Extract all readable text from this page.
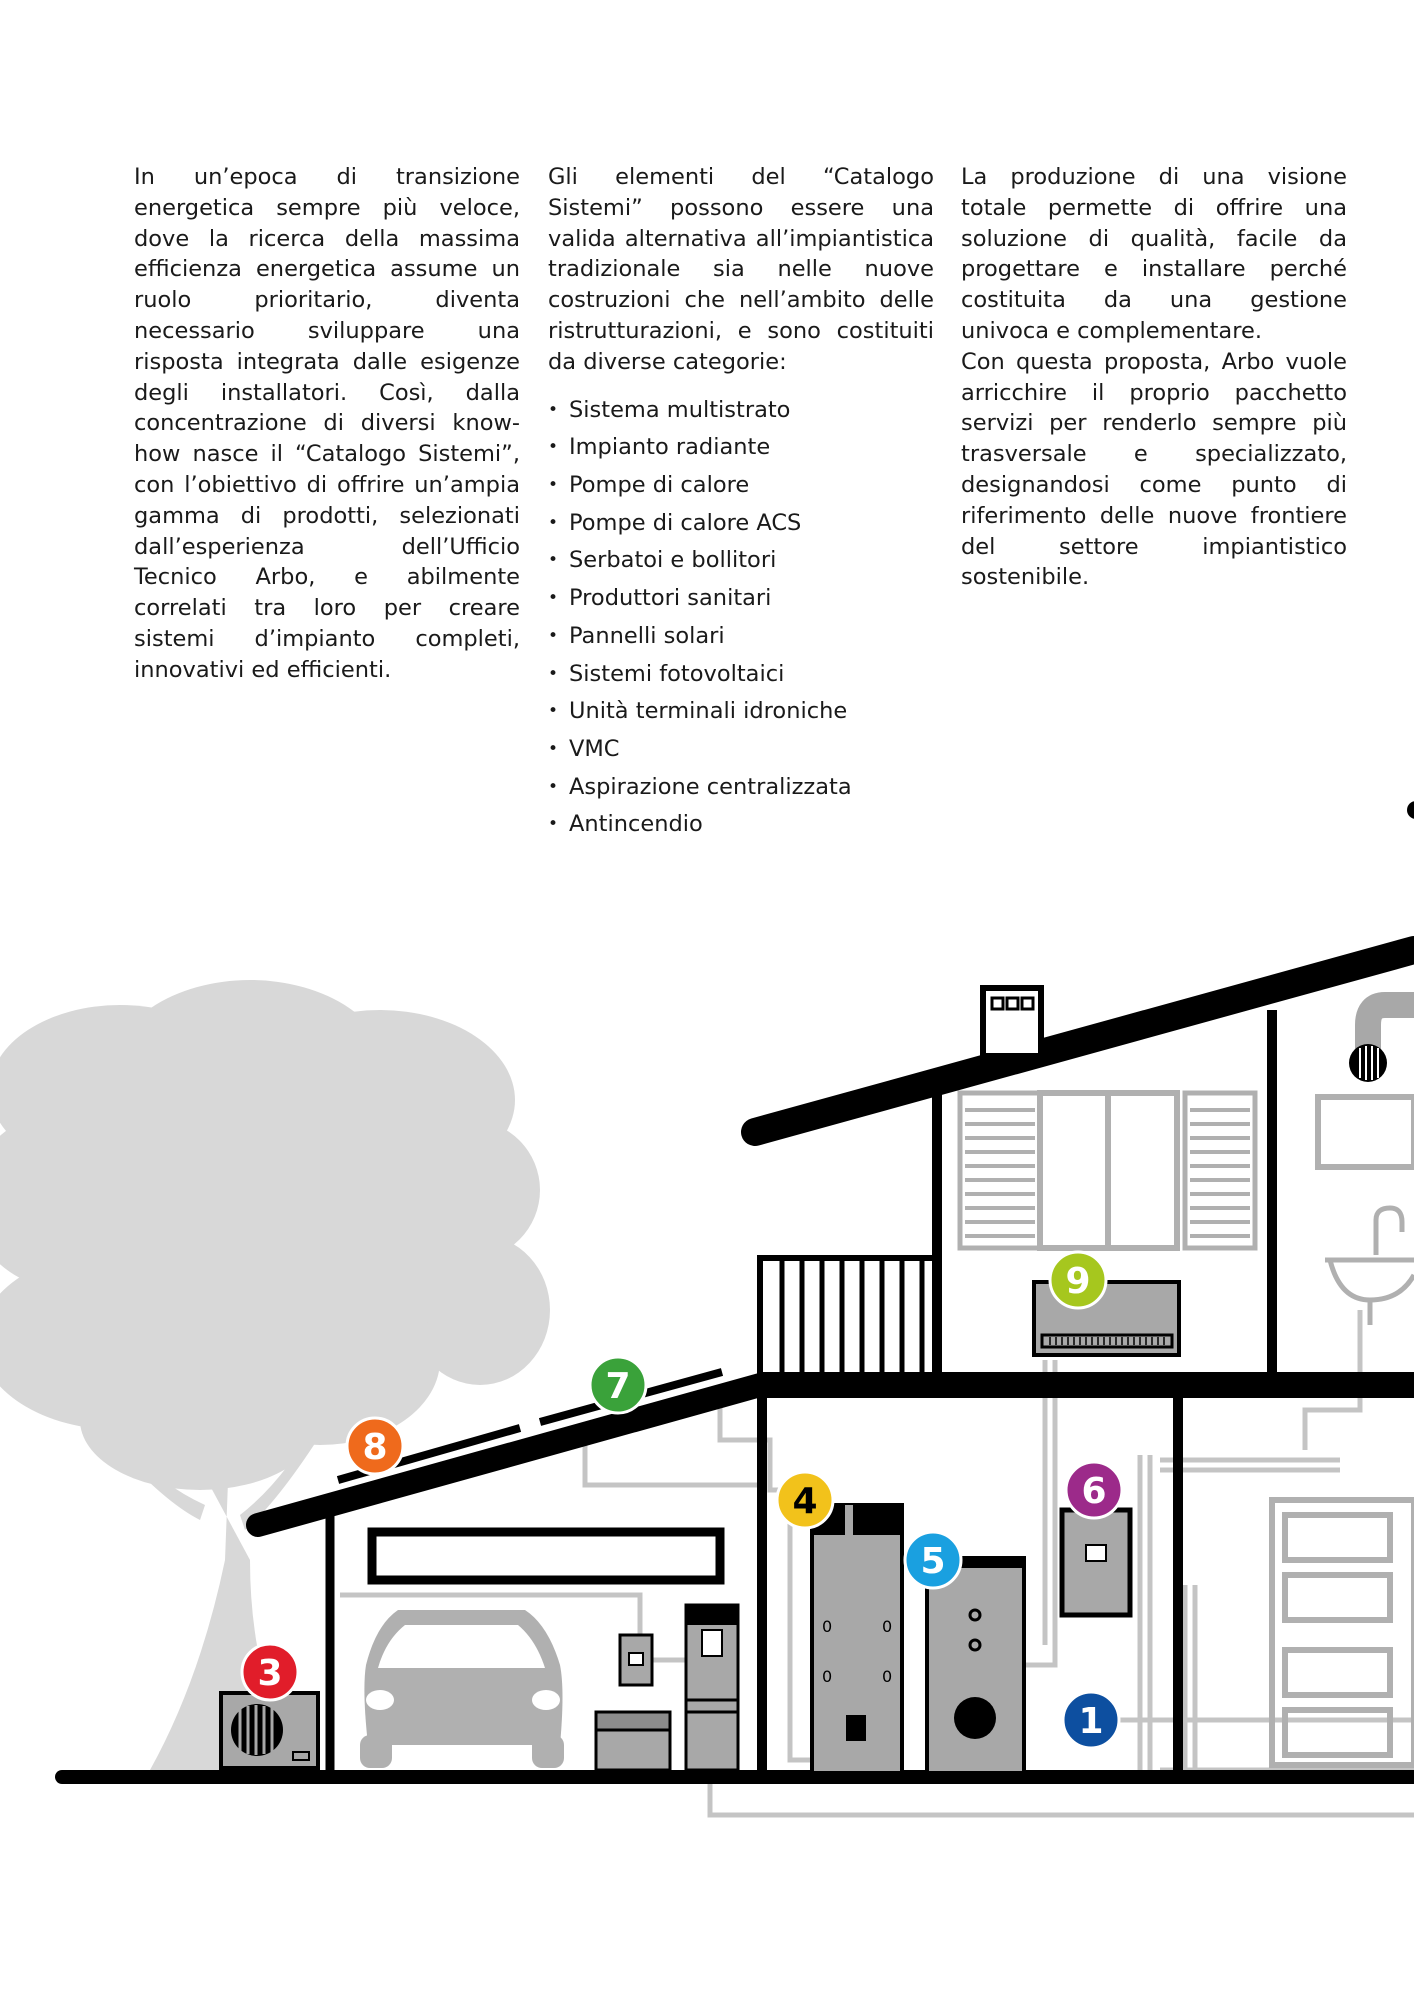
In un’epoca di transizione energetica sempre più veloce, dove la ricerca della massima efficienza energetica assume un ruolo prioritario, diventa necessario sviluppare una risposta integrata dalle esigenze degli installatori. Così, dalla concentrazione di diversi know-how nasce il “Catalogo Sistemi”, con l’obiettivo di offrire un’ampia gamma di prodotti, selezionati dall’esperienza dell’Ufficio Tecnico Arbo, e abilmente correlati tra loro per creare sistemi d’impianto completi, innovativi ed efficienti.

Gli elementi del “Catalogo Sistemi” possono essere una valida alternativa all’impiantistica tradizionale sia nelle nuove costruzioni che nell’ambito delle ristrutturazioni, e sono costituiti da diverse categorie:

• Sistema multistrato
• Impianto radiante
• Pompe di calore
• Pompe di calore ACS
• Serbatoi e bollitori
• Produttori sanitari
• Pannelli solari
• Sistemi fotovoltaici
• Unità terminali idroniche
• VMC
• Aspirazione centralizzata
• Antincendio

La produzione di una visione totale permette di offrire una soluzione di qualità, facile da progettare e installare perché costituita da una gestione univoca e complementare.

Con questa proposta, Arbo vuole arricchire il proprio pacchetto servizi per renderlo sempre più trasversale e specializzato, designandosi come punto di riferimento delle nuove frontiere del settore impiantistico sostenibile.

0	0
0	0
1
3
4
5
6
7
8
9
